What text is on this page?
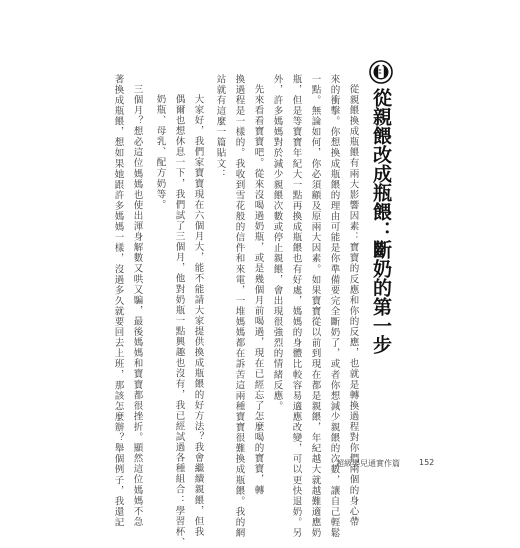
從親餵改成瓶餵：斷奶的第一步
從親餵換成瓶餵有兩大影響因素：寶寶的反應和你的反應，也就是轉換過程對你們兩個的身心帶
來的衝擊。你想換成瓶餵的理由可能是你準備要完全斷奶了，或者你想減少親餵的次數，讓自己輕鬆
一點。無論如何，你必須顧及原兩大因素。如果寶寶從以前到現在都是親餵，年紀越大就越難適應奶
瓶，但是等寶寶年紀大一點再換成瓶餵也有好處，媽媽的身體比較容易適應改變，可以更快退奶。另
外，許多媽媽對於減少親餵次數或停止親餵，會出現很強烈的情緒反應。
先來看看寶寶吧。從來沒喝過奶瓶，或是幾個月前喝過，現在已經忘了怎麼喝的寶寶，轉
換過程是一樣的。我收到雪花般的信件和來電，一堆媽媽都在訴苦這兩種寶寶很難換成瓶餵。我的網
站就有這麼一篇貼文：
大家好，我們家寶寶現在六個月大，能不能請大家提供換成瓶餵的好方法？我會繼續親餵，但我
偶爾也想休息一下，我們試了三個月，他對奶瓶一點興趣也沒有，我已經試過各種組合：學習杯、
奶瓶、母乳、配方奶等。
三個月？想必這位媽媽也使出渾身解數又哄又騙，最後媽媽和寶寶都很挫折。顯然這位媽媽不急
著換成瓶餵，想如果她跟許多媽媽一樣，沒過多久就要回去上班，那該怎麼辦？舉個例子，我還記	超級嬰兒通實作篇 152
